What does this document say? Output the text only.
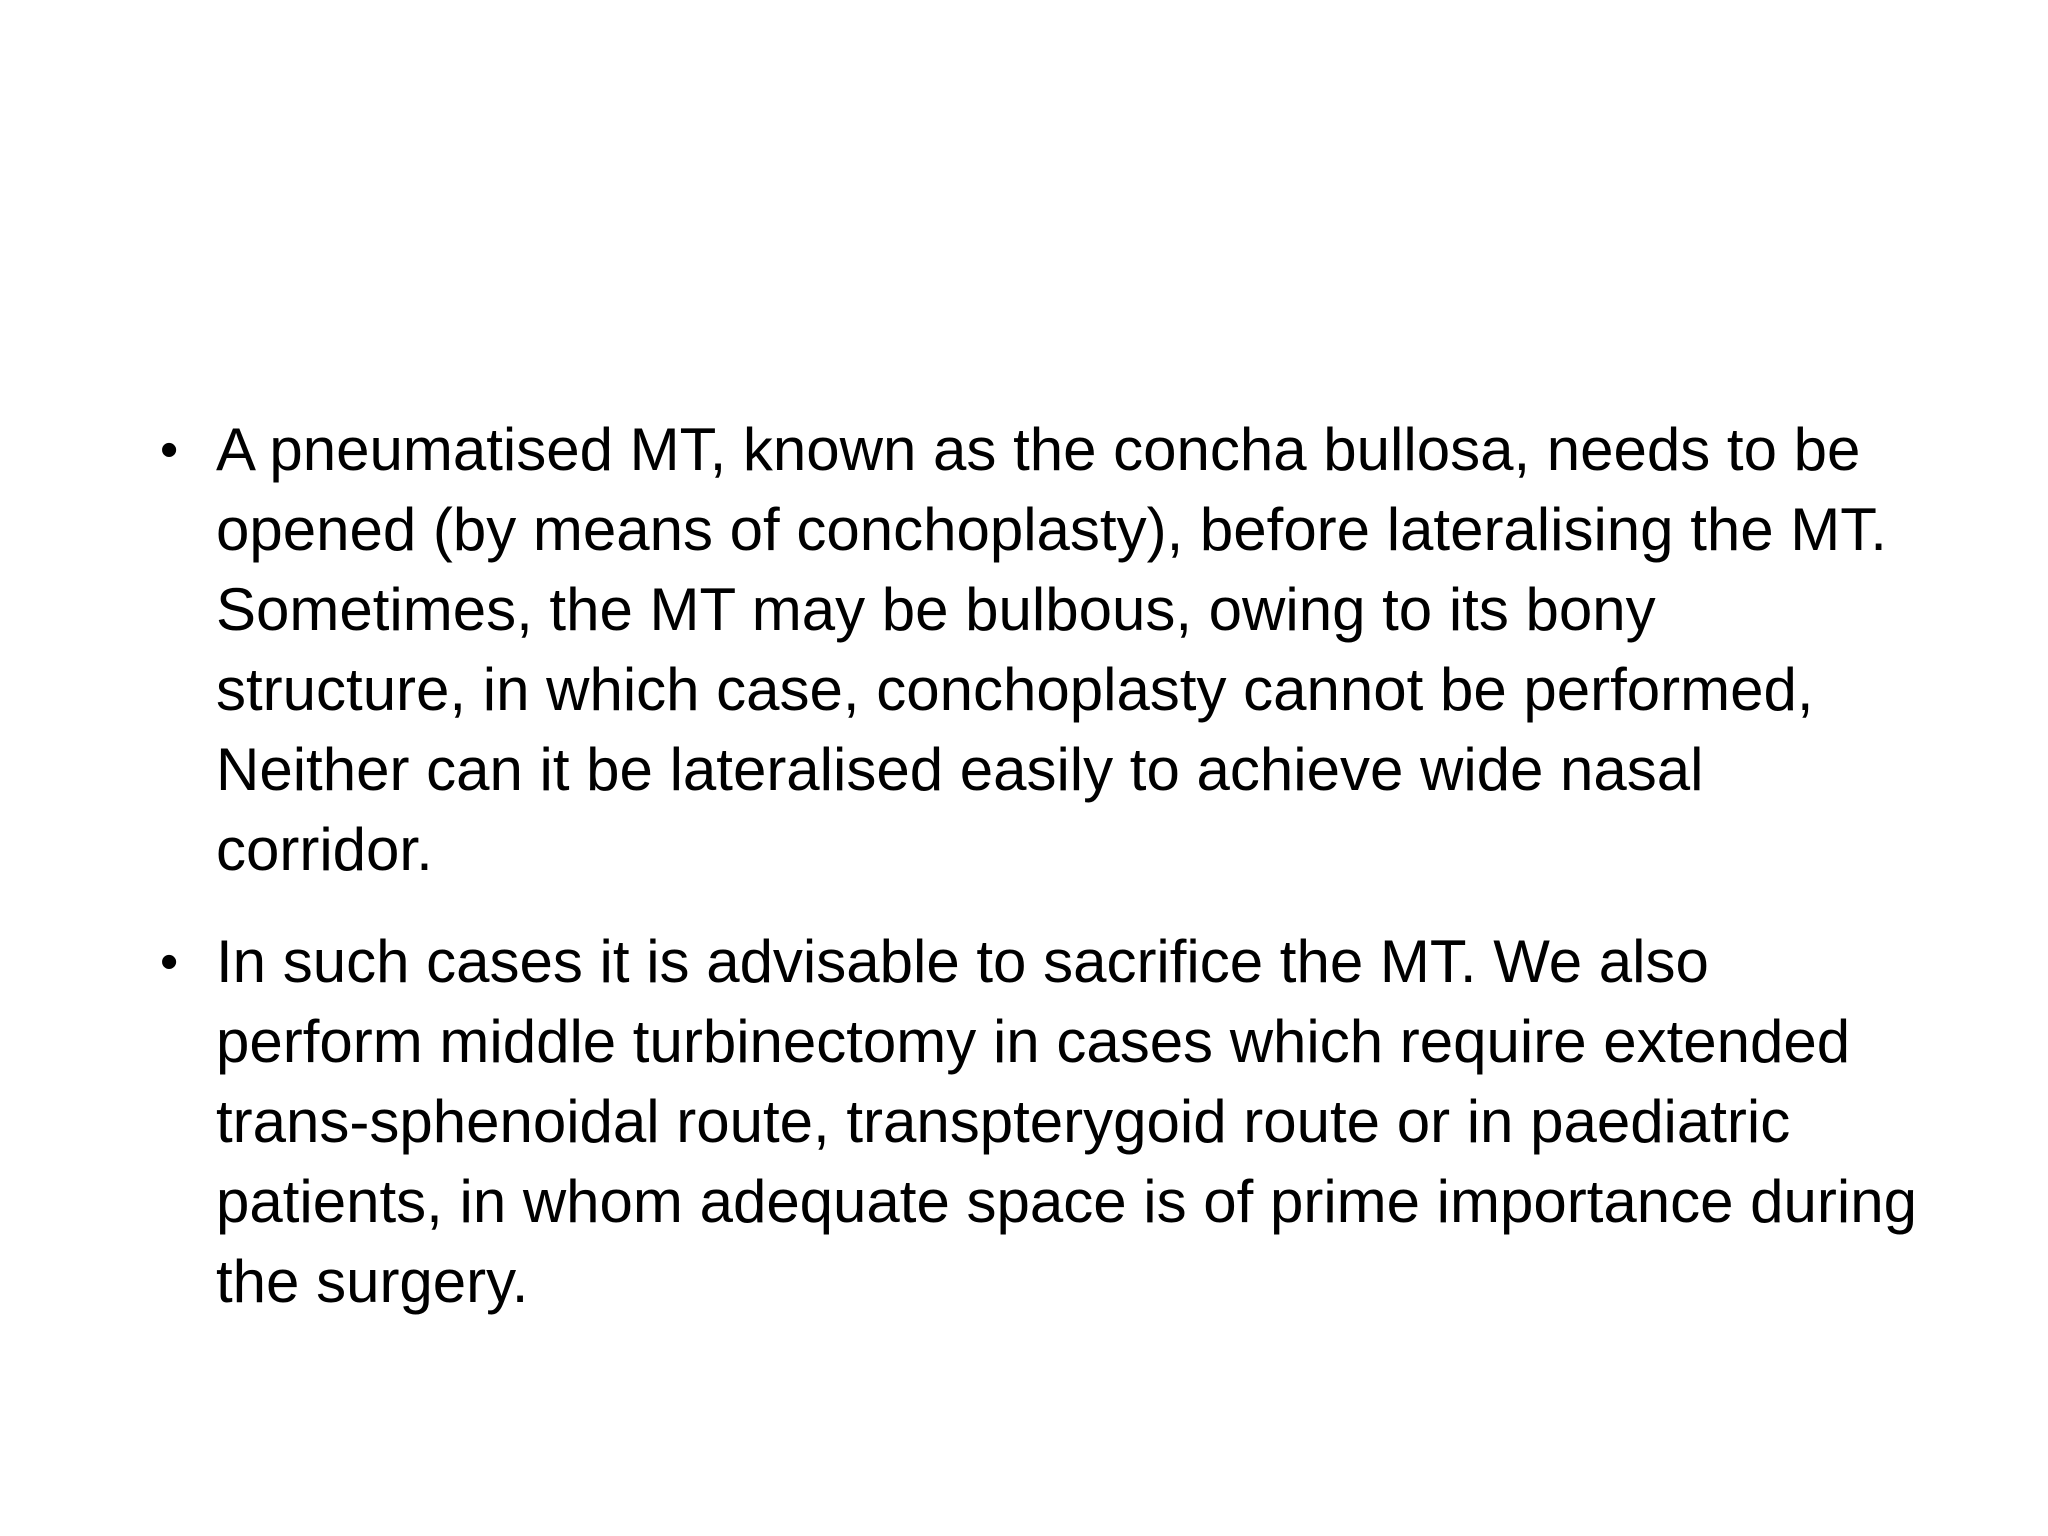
• A pneumatised MT, known as the concha bullosa, needs to be opened (by means of conchoplasty), before lateralising the MT. Sometimes, the MT may be bulbous, owing to its bony structure, in which case, conchoplasty cannot be performed, Neither can it be lateralised easily to achieve wide nasal corridor.
• In such cases it is advisable to sacrifice the MT. We also perform middle turbinectomy in cases which require extended trans-sphenoidal route, transpterygoid route or in paediatric patients, in whom adequate space is of prime importance during the surgery.
